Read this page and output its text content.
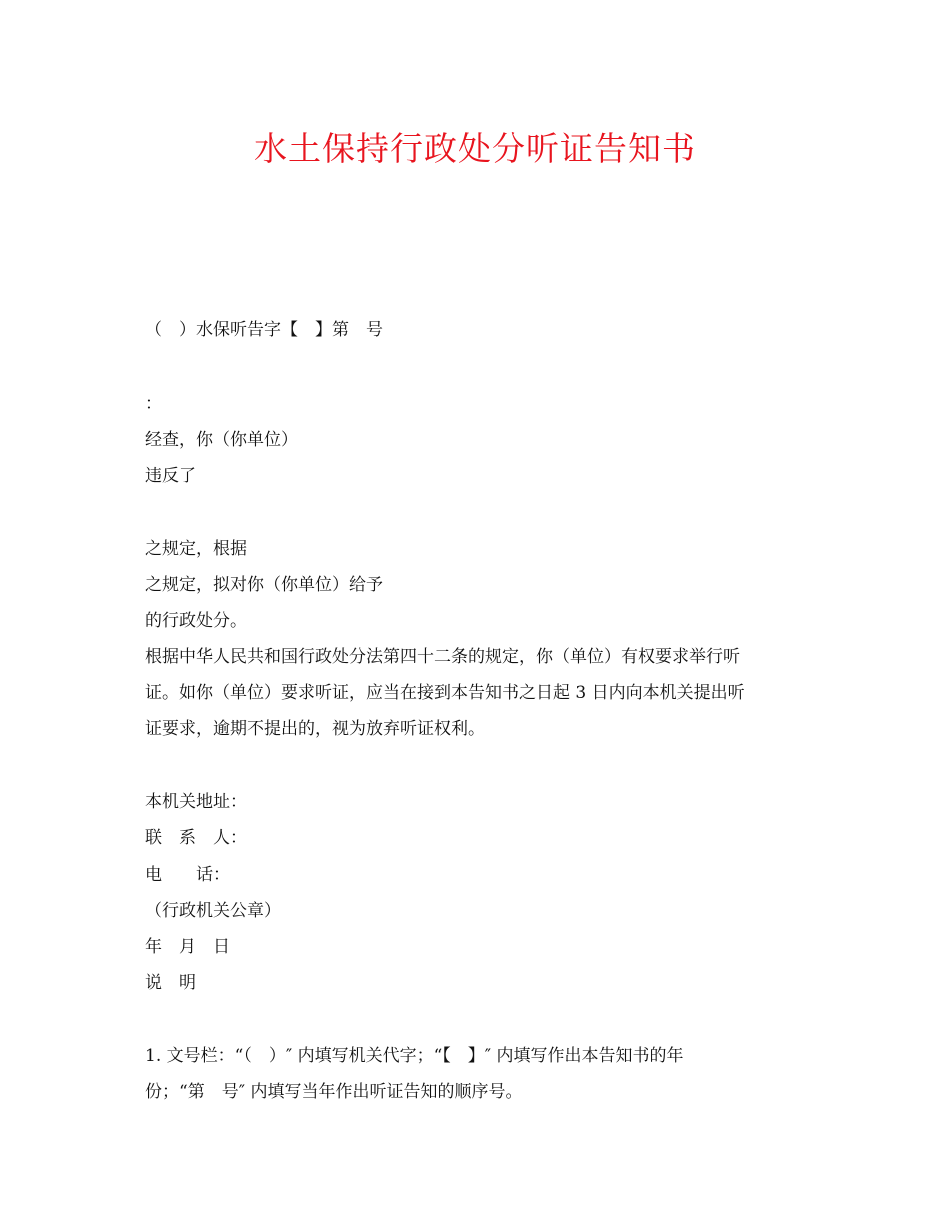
水土保持行政处分听证告知书
（　）水保听告字【　】第　号
：
经查，你（你单位）
违反了
之规定，根据
之规定，拟对你（你单位）给予
的行政处分。
根据中华人民共和国行政处分法第四十二条的规定，你（单位）有权要求举行听
证。如你（单位）要求听证，应当在接到本告知书之日起 3 日内向本机关提出听
证要求，逾期不提出的，视为放弃听证权利。
本机关地址：
联　系　人：
电　　话：
（行政机关公章）
年　月　日
说　明
1. 文号栏：“（　）″ 内填写机关代字；“【　】″ 内填写作出本告知书的年
份；“第　号″ 内填写当年作出听证告知的顺序号。
